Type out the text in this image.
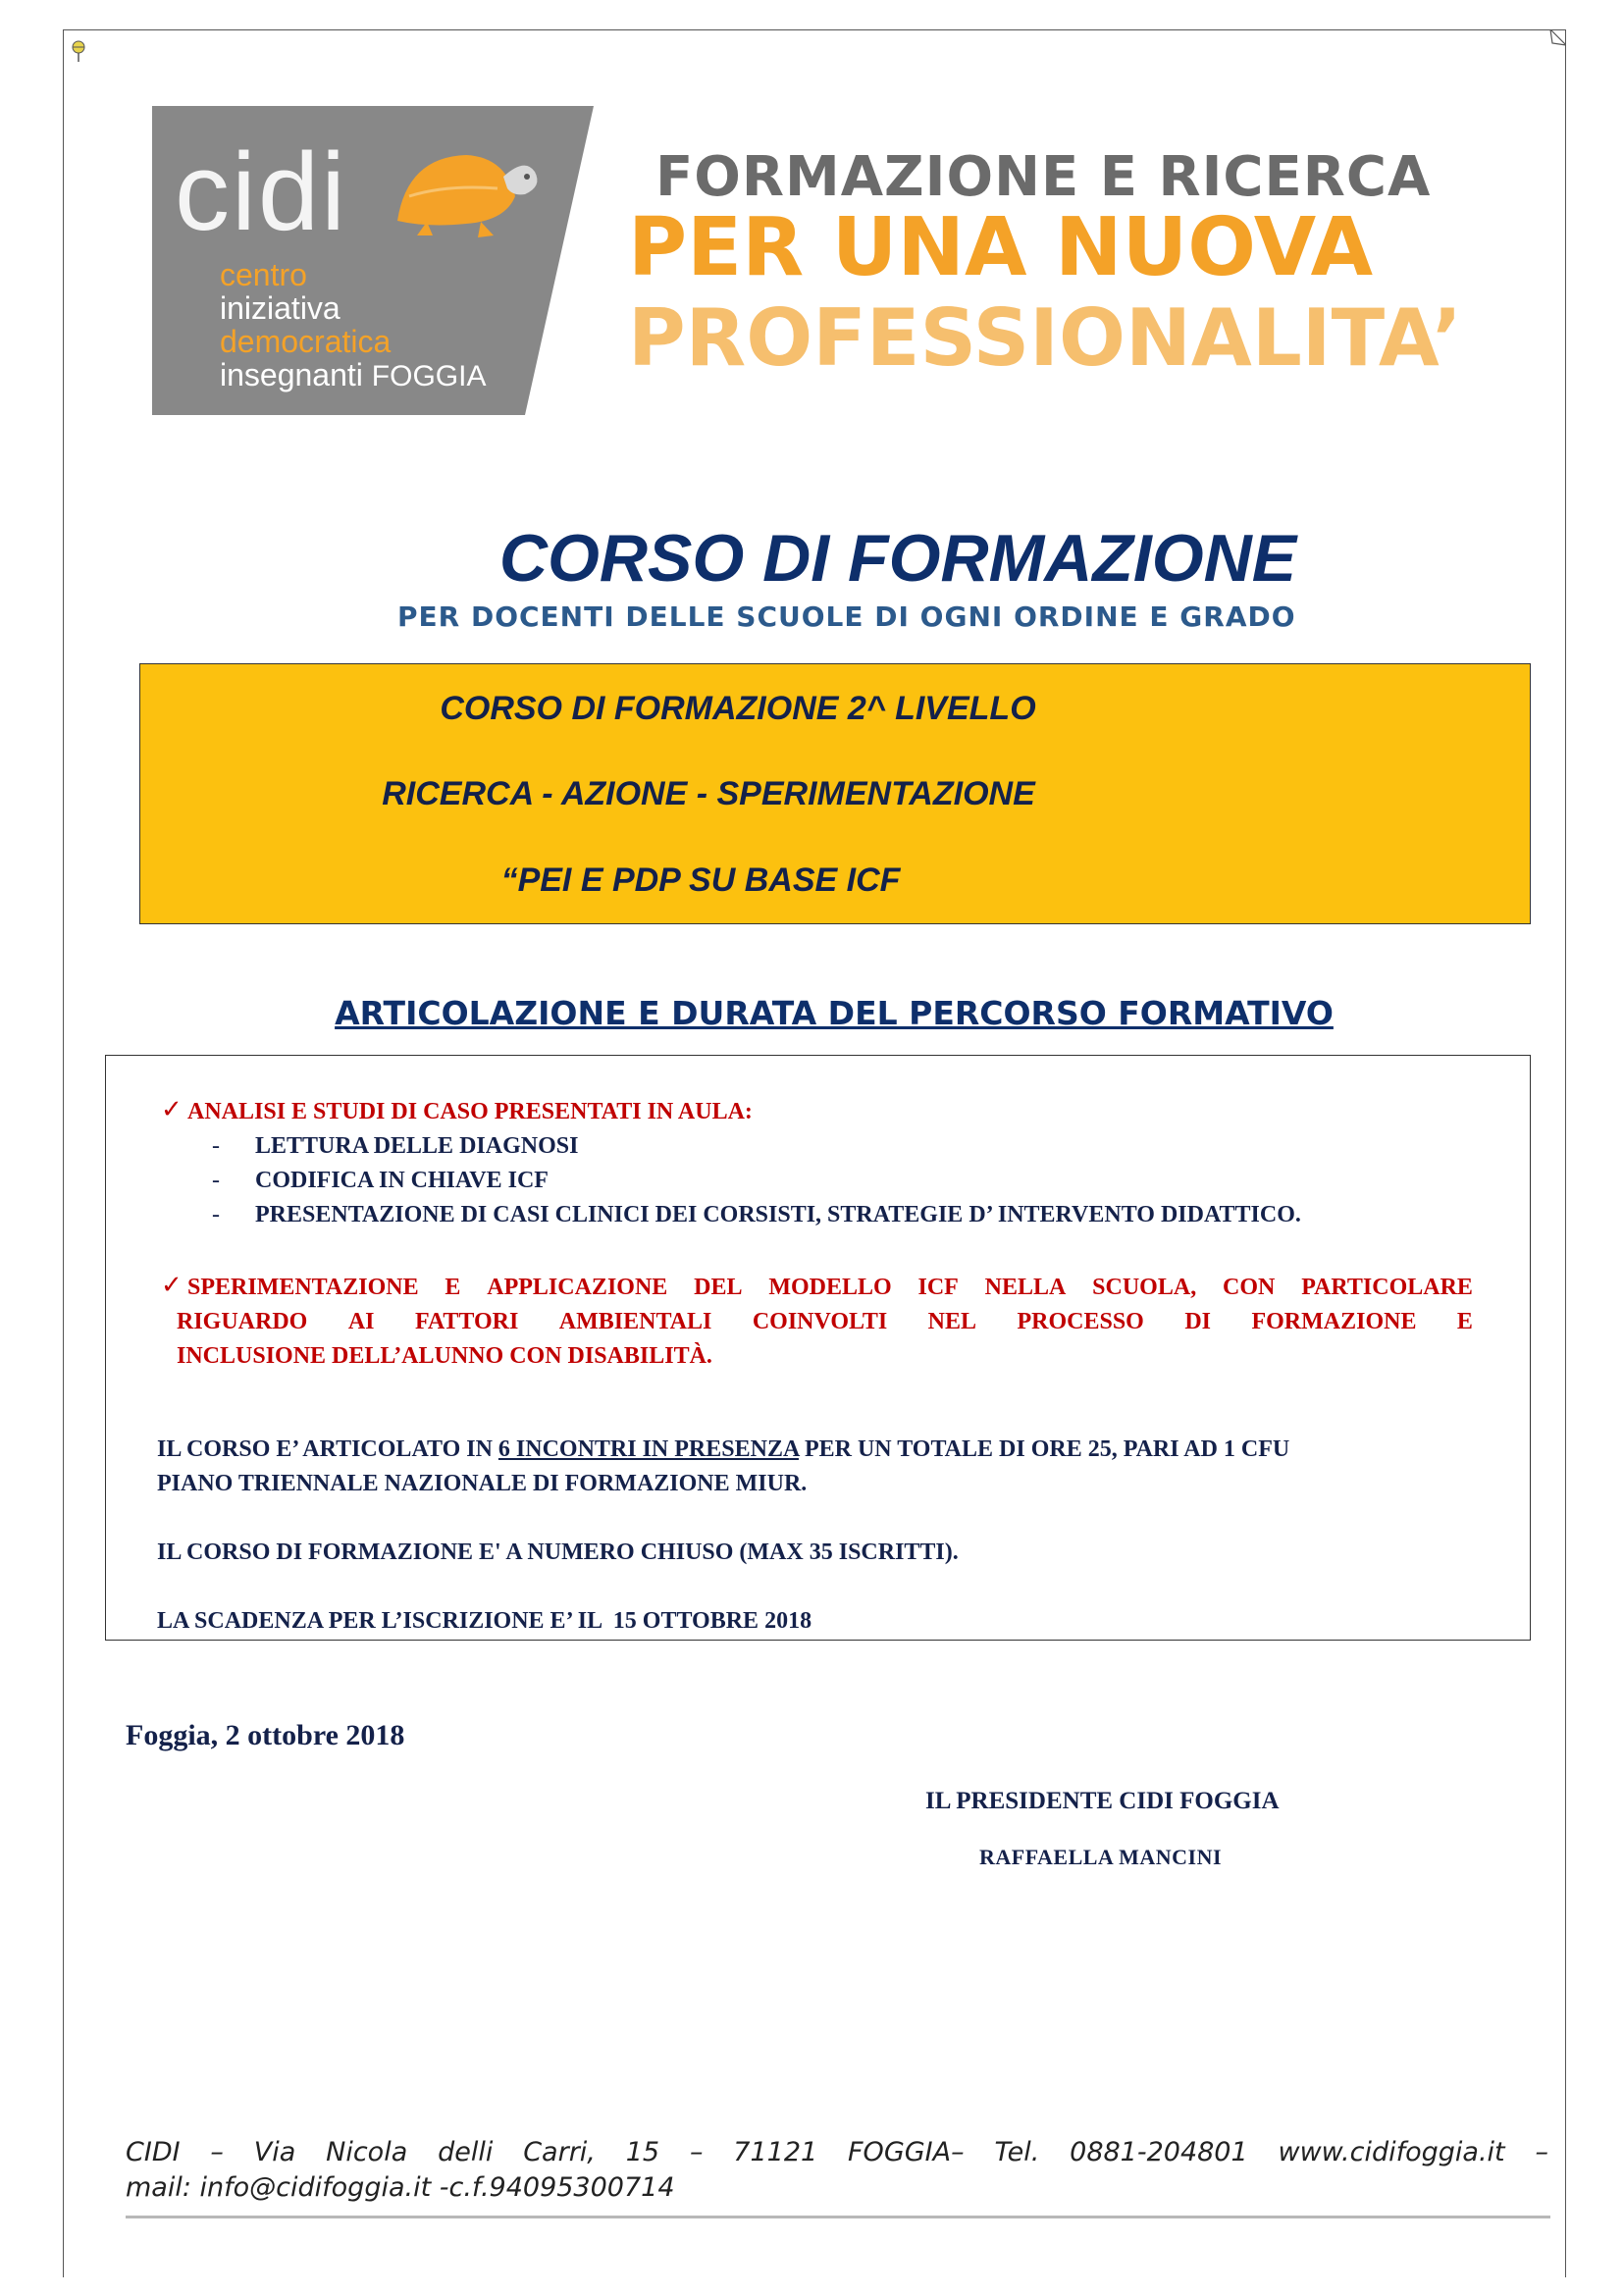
cidi
centro
iniziativa
democratica
insegnanti FOGGIA
FORMAZIONE E RICERCA
PER UNA NUOVA
PROFESSIONALITA’
CORSO DI FORMAZIONE
PER DOCENTI DELLE SCUOLE DI OGNI ORDINE E GRADO
CORSO DI FORMAZIONE 2^ LIVELLO
RICERCA - AZIONE - SPERIMENTAZIONE
“PEI E PDP SU BASE ICF
ARTICOLAZIONE E DURATA DEL PERCORSO FORMATIVO
✓ ANALISI E STUDI DI CASO PRESENTATI IN AULA:
- LETTURA DELLE DIAGNOSI
- CODIFICA IN CHIAVE ICF
- PRESENTAZIONE DI CASI CLINICI DEI CORSISTI, STRATEGIE D’ INTERVENTO DIDATTICO.
✓ SPERIMENTAZIONE E APPLICAZIONE DEL MODELLO ICF NELLA SCUOLA, CON PARTICOLARE
RIGUARDO AI FATTORI AMBIENTALI COINVOLTI NEL PROCESSO DI FORMAZIONE E
INCLUSIONE DELL’ALUNNO CON DISABILITÀ.
IL CORSO E’ ARTICOLATO IN 6 INCONTRI IN PRESENZA PER UN TOTALE DI ORE 25, PARI AD 1 CFU
PIANO TRIENNALE NAZIONALE DI FORMAZIONE MIUR.
IL CORSO DI FORMAZIONE E' A NUMERO CHIUSO (MAX 35 ISCRITTI).
LA SCADENZA PER L’ISCRIZIONE E’ IL  15 OTTOBRE 2018
Foggia, 2 ottobre 2018
IL PRESIDENTE CIDI FOGGIA
RAFFAELLA MANCINI
CIDI – Via Nicola delli Carri, 15 – 71121 FOGGIA– Tel. 0881-204801 www.cidifoggia.it –
mail: info@cidifoggia.it -c.f.94095300714
